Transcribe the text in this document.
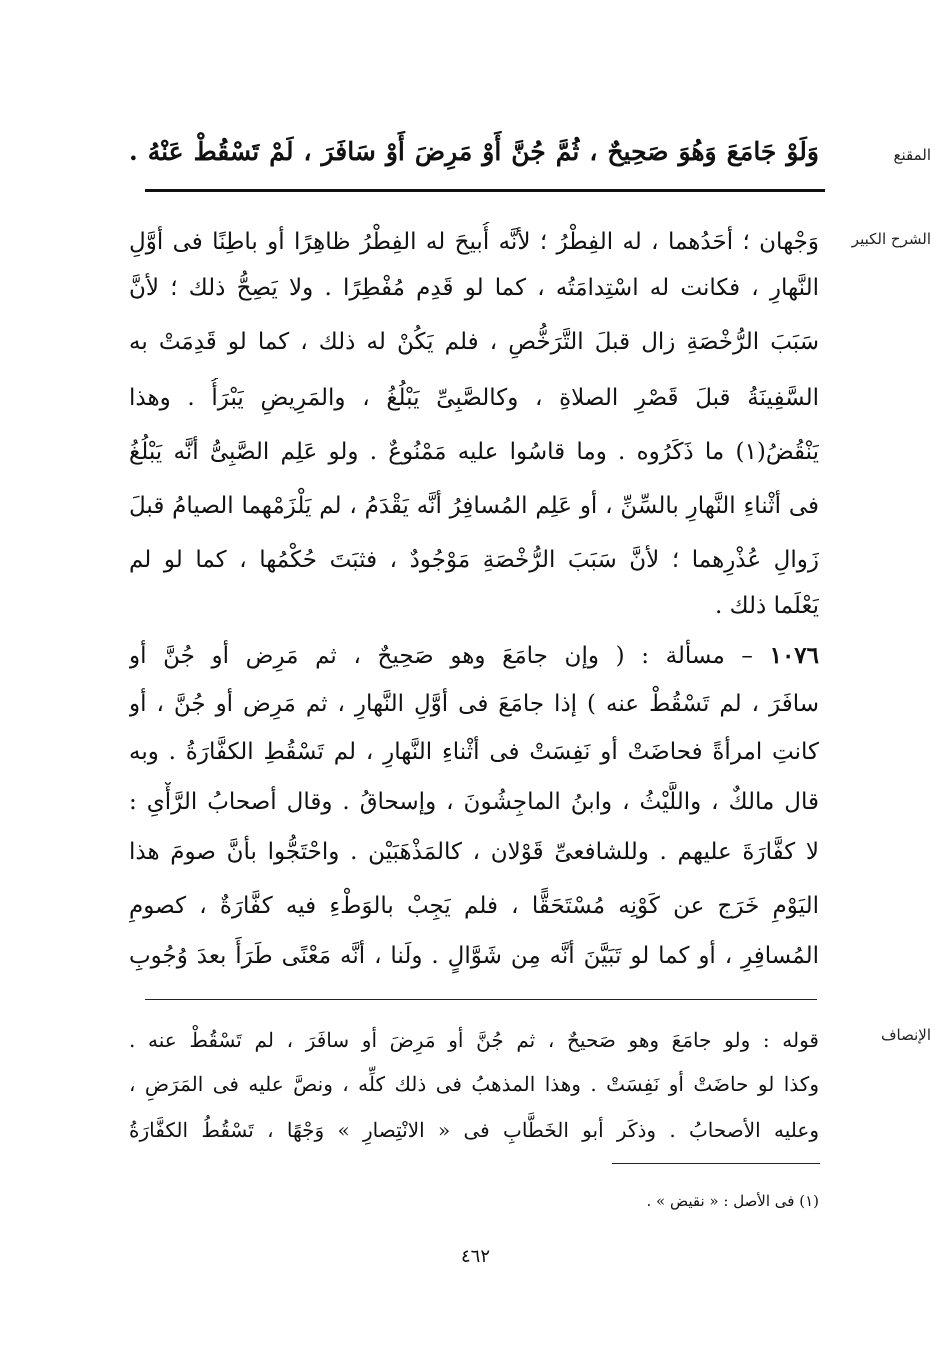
المقنع
وَلَوْ جَامَعَ وَهُوَ صَحِيحٌ ، ثُمَّ جُنَّ أَوْ مَرِضَ أَوْ سَافَرَ ، لَمْ تَسْقُطْ عَنْهُ .
الشرح الكبير
وَجْهان ؛ أحَدُهما ، له الفِطْرُ ؛ لأنَّه أُبيحَ له الفِطْرُ ظاهِرًا أو باطِنًا فى أوَّلِ
النَّهارِ ، فكانت له اسْتِدامَتُه ، كما لو قَدِم مُفْطِرًا . ولا يَصِحُّ ذلك ؛ لأنَّ
سَبَبَ الرُّخْصَةِ زال قبلَ التَّرَخُّصِ ، فلم يَكُنْ له ذلك ، كما لو قَدِمَتْ به
السَّفِينَةُ قبلَ قَصْرِ الصلاةِ ، وكالصَّبِىِّ يَبْلُغُ ، والمَرِيضِ يَبْرَأُ . وهذا
يَنْقُضُ(١) ما ذَكَرُوه . وما قاسُوا عليه مَمْنُوعٌ . ولو عَلِم الصَّبِىُّ أنَّه يَبْلُغُ
فى أثْناءِ النَّهارِ بالسِّنِّ ، أو عَلِم المُسافِرُ أنَّه يَقْدَمُ ، لم يَلْزَمْهما الصيامُ قبلَ
زَوالِ عُذْرِهما ؛ لأنَّ سَبَبَ الرُّخْصَةِ مَوْجُودٌ ، فثبَتَ حُكْمُها ، كما لو لم
يَعْلَما ذلك .
١٠٧٦ – مسألة : ( وإن جامَعَ وهو صَحِيحٌ ، ثم مَرِض أو جُنَّ أو
سافَرَ ، لم تَسْقُطْ عنه ) إذا جامَعَ فى أوَّلِ النَّهارِ ، ثم مَرِض أو جُنَّ ، أو
كانتِ امرأةً فحاضَتْ أو نَفِسَتْ فى أثْناءِ النَّهارِ ، لم تَسْقُطِ الكفَّارَةُ . وبه
قال مالكٌ ، واللَّيْثُ ، وابنُ الماجِشُونَ ، وإسحاقُ . وقال أصحابُ الرَّأْىِ :
لا كفَّارَةَ عليهم . وللشافعىِّ قَوْلان ، كالمَذْهَبَيْن . واحْتَجُّوا بأنَّ صومَ هذا
اليَوْمِ خَرَج عن كَوْنِه مُسْتَحَقًّا ، فلم يَجِبْ بالوَطْءِ فيه كفَّارَةٌ ، كصومِ
المُسافِرِ ، أو كما لو تَبَيَّنَ أنَّه مِن شَوَّالٍ . ولَنا ، أنَّه مَعْنًى طَرَأَ بعدَ وُجُوبِ
الإنصاف
قوله : ولو جامَعَ وهو صَحيحٌ ، ثم جُنَّ أو مَرِضَ أو سافَرَ ، لم تَسْقُطْ عنه .
وكذا لو حاضَتْ أو نَفِسَتْ . وهذا المذهبُ فى ذلك كلِّه ، ونصَّ عليه فى المَرَضِ ،
وعليه الأصحابُ . وذكَر أبو الخَطَّابِ فى « الانْتِصارِ » وَجْهًا ، تَسْقُطُ الكفَّارَةُ
(١) فى الأصل : « نقيض » .
٤٦٢
